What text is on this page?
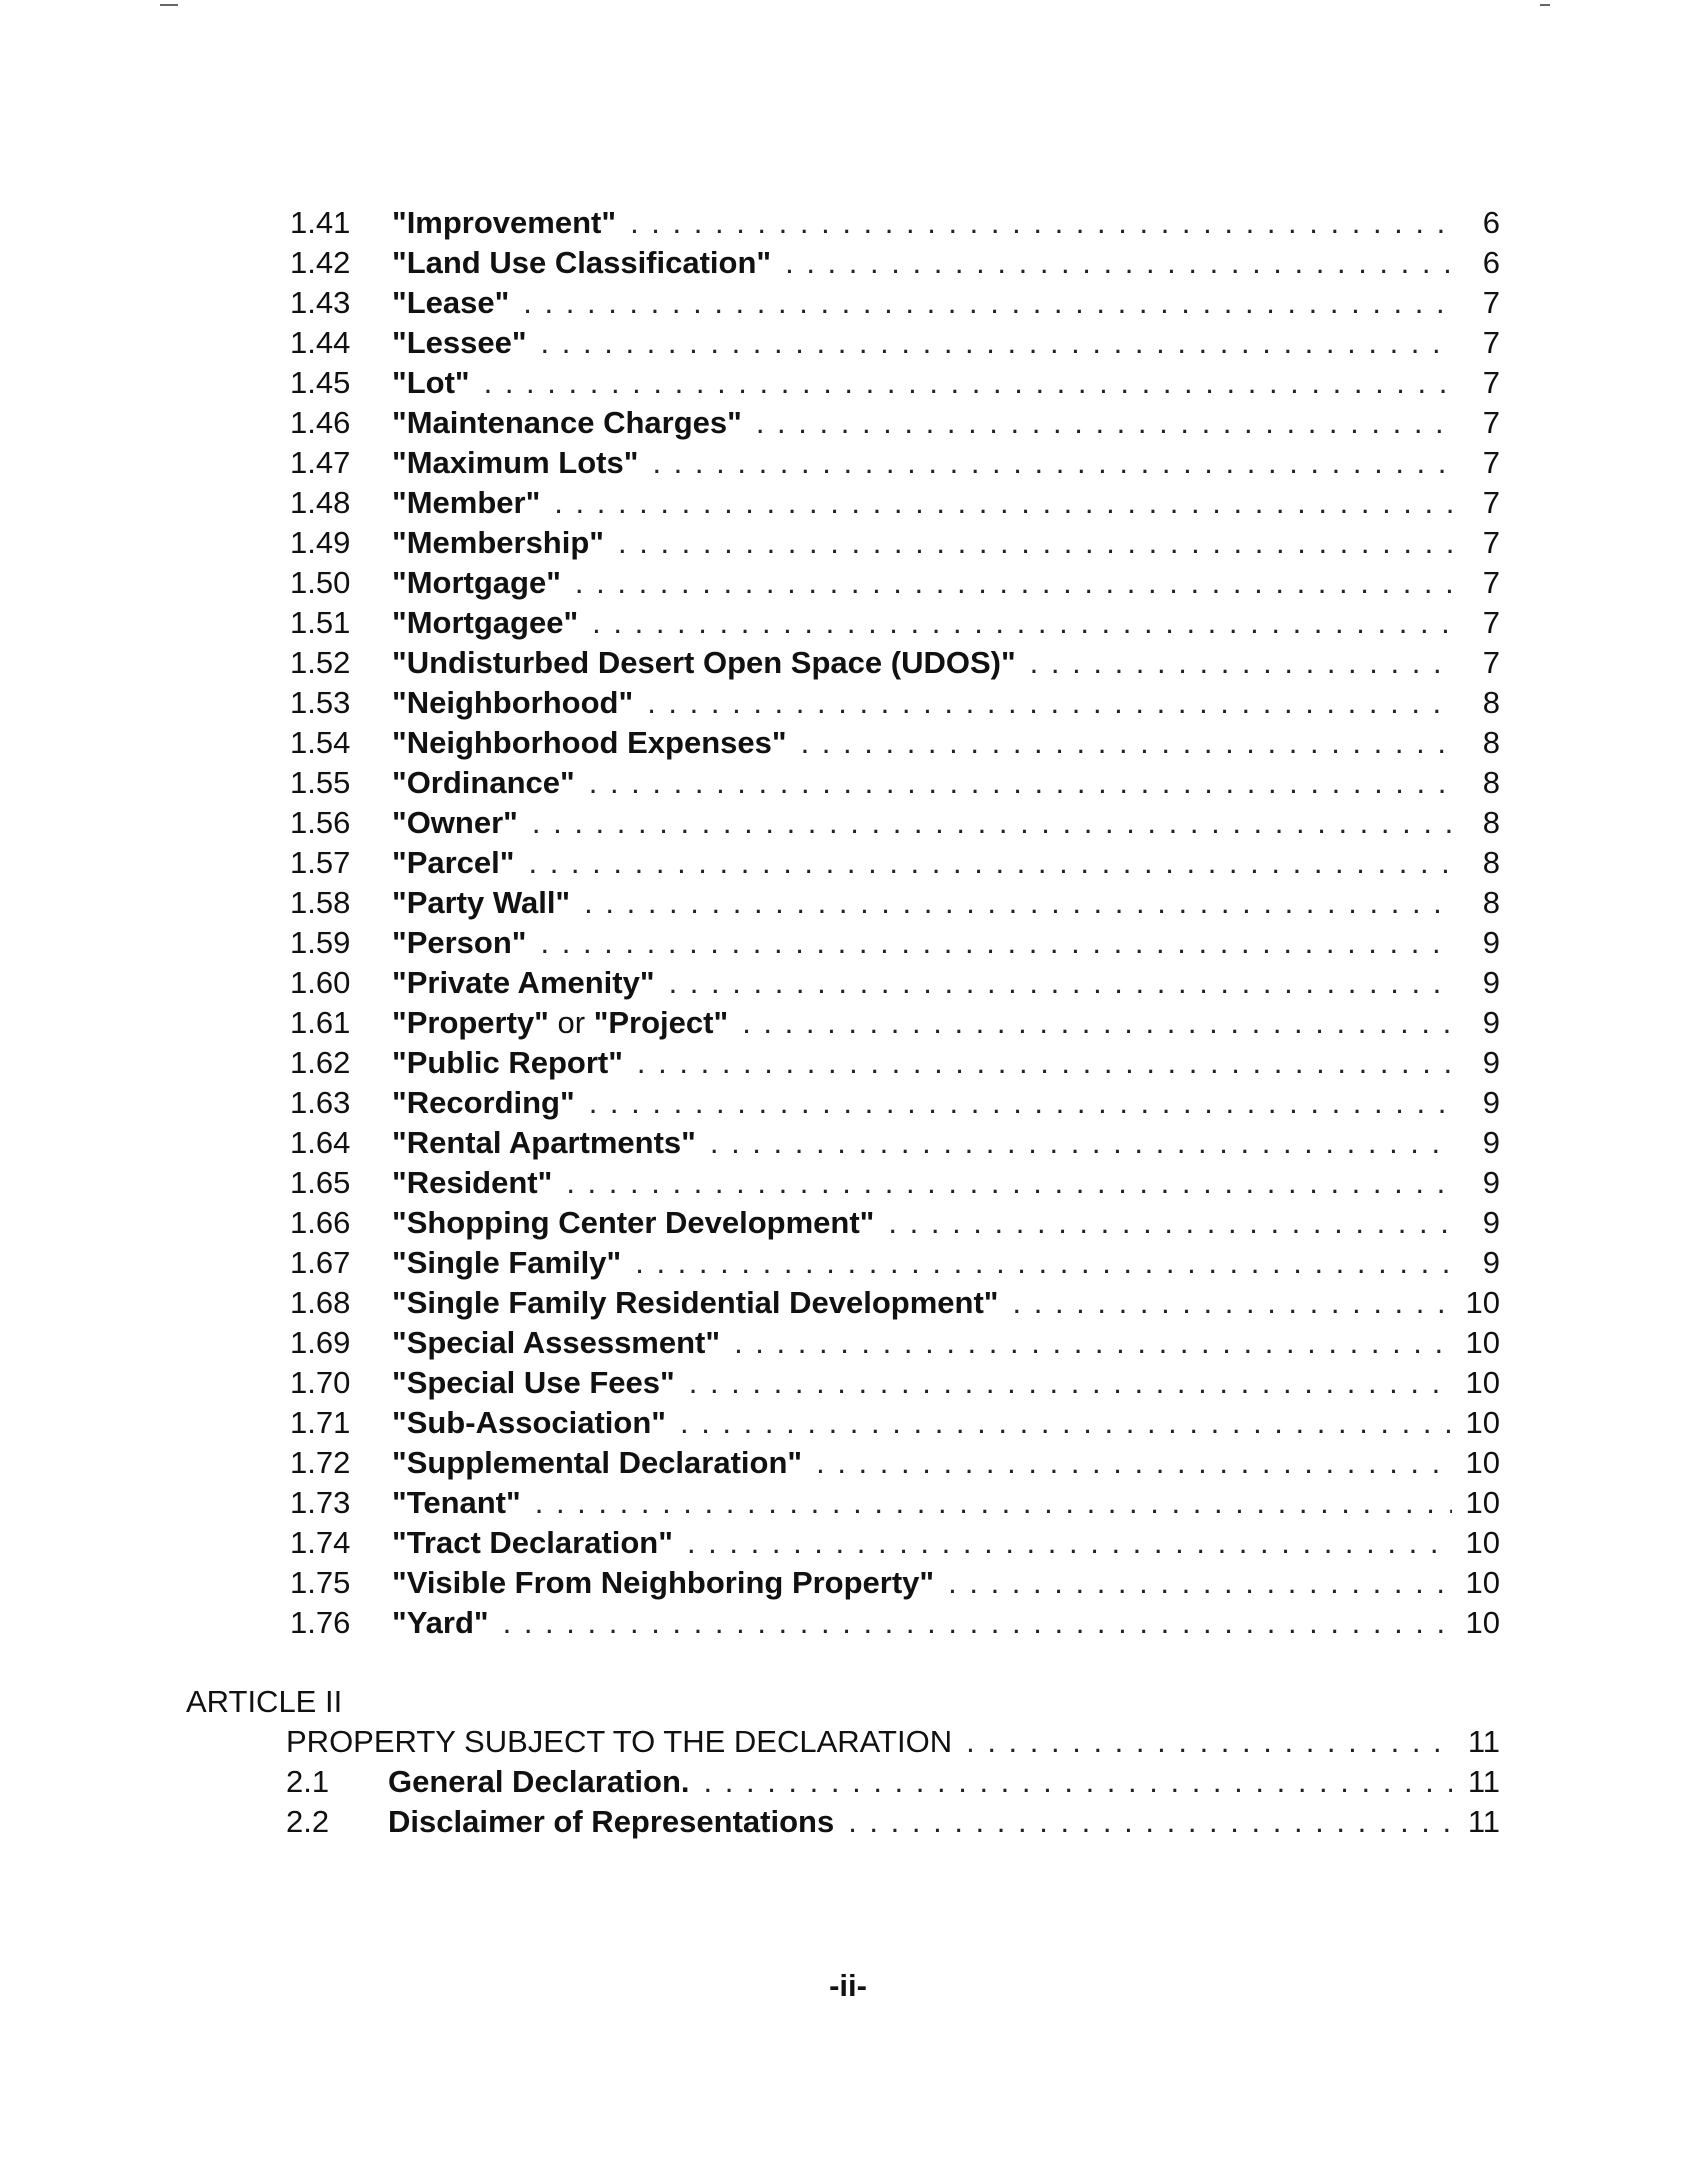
1.41	"Improvement" . . .	6
1.42	"Land Use Classification" . . .	6
1.43	"Lease" . . .	7
1.44	"Lessee" . . .	7
1.45	"Lot" . . .	7
1.46	"Maintenance Charges" . . .	7
1.47	"Maximum Lots" . . .	7
1.48	"Member" . . .	7
1.49	"Membership" . . .	7
1.50	"Mortgage" . . .	7
1.51	"Mortgagee" . . .	7
1.52	"Undisturbed Desert Open Space (UDOS)" . . .	7
1.53	"Neighborhood" . . .	8
1.54	"Neighborhood Expenses" . . .	8
1.55	"Ordinance" . . .	8
1.56	"Owner" . . .	8
1.57	"Parcel" . . .	8
1.58	"Party Wall" . . .	8
1.59	"Person" . . .	9
1.60	"Private Amenity" . . .	9
1.61	"Property" or "Project" . . .	9
1.62	"Public Report" . . .	9
1.63	"Recording" . . .	9
1.64	"Rental Apartments" . . .	9
1.65	"Resident" . . .	9
1.66	"Shopping Center Development" . . .	9
1.67	"Single Family" . . .	9
1.68	"Single Family Residential Development" . . .	10
1.69	"Special Assessment" . . .	10
1.70	"Special Use Fees" . . .	10
1.71	"Sub-Association" . . .	10
1.72	"Supplemental Declaration" . . .	10
1.73	"Tenant" . . .	10
1.74	"Tract Declaration" . . .	10
1.75	"Visible From Neighboring Property" . . .	10
1.76	"Yard" . . .	10
ARTICLE II
PROPERTY SUBJECT TO THE DECLARATION . . .	11
2.1	General Declaration. . . .	11
2.2	Disclaimer of Representations . . .	11
-ii-
